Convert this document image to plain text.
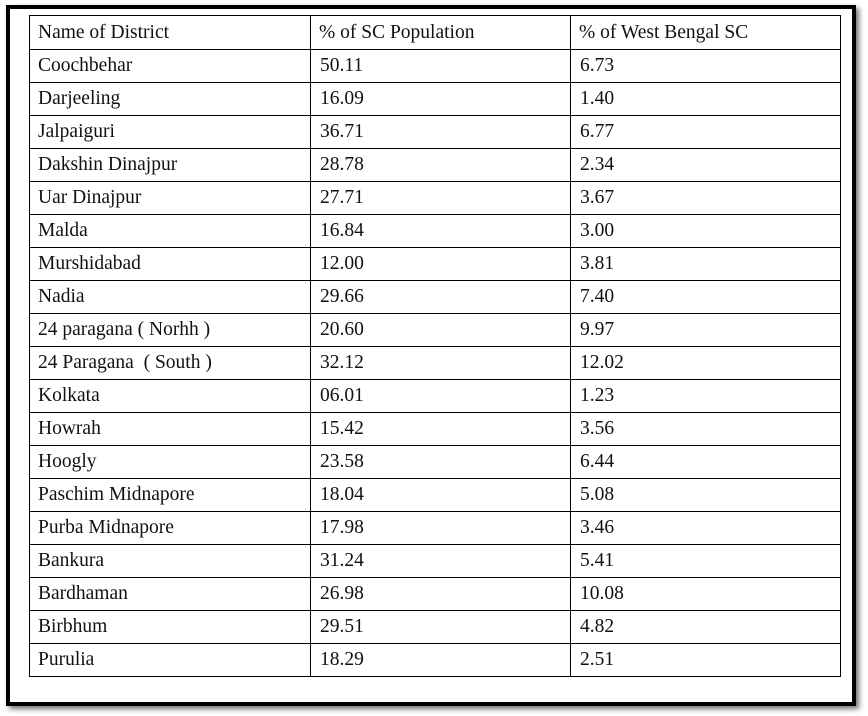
Name of District	% of SC Population	% of West Bengal SC
Coochbehar	50.11	6.73
Darjeeling	16.09	1.40
Jalpaiguri	36.71	6.77
Dakshin Dinajpur	28.78	2.34
Uar Dinajpur	27.71	3.67
Malda	16.84	3.00
Murshidabad	12.00	3.81
Nadia	29.66	7.40
24 paragana ( Norhh )	20.60	9.97
24 Paragana  ( South )	32.12	12.02
Kolkata	06.01	1.23
Howrah	15.42	3.56
Hoogly	23.58	6.44
Paschim Midnapore	18.04	5.08
Purba Midnapore	17.98	3.46
Bankura	31.24	5.41
Bardhaman	26.98	10.08
Birbhum	29.51	4.82
Purulia	18.29	2.51
